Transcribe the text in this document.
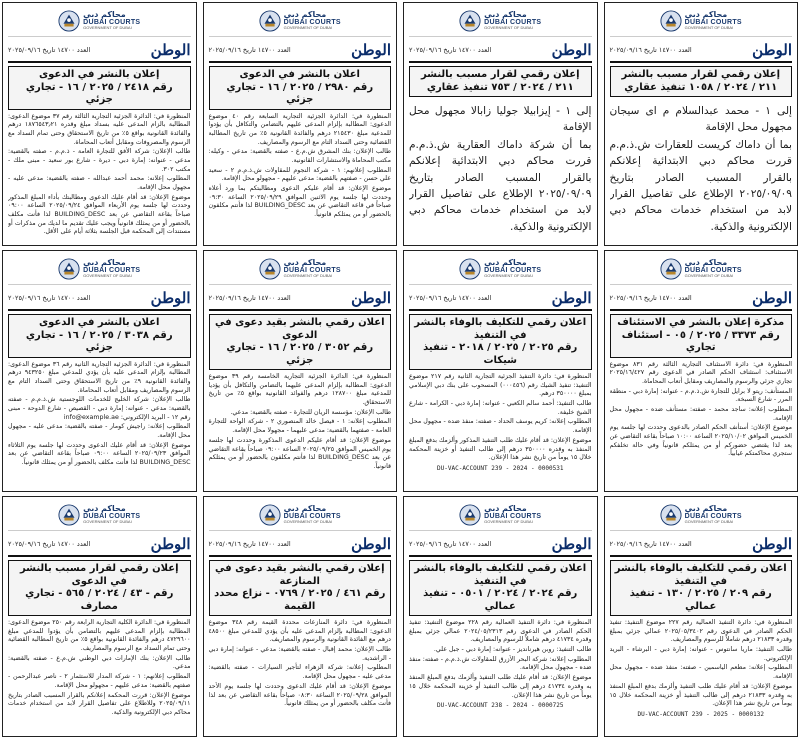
محاكم دبي
DUBAI COURTS
GOVERNMENT OF DUBAI
العدد ١٤٧٠٠ تاريخ ٢٠٢٥/٠٩/١٦	الوطن
إعلان بالنشر في الدعوى
رقم ٢٤١٨ / ٢٠٢٥ / ١٦ - تجاري جزئي

المنظورة في: الدائرة الجزئية التجارية الثالثة رقم ٣٧ موضوع الدعوى: المطالبة بالزام المدعى عليه بسداد مبلغ وقدره ١٨٧٦٥٤٣٫٢١ درهم والفائدة القانونية بواقع ٥٪ من تاريخ الاستحقاق وحتى تمام السداد مع الرسوم والمصروفات ومقابل أتعاب المحاماة.

طالب الإعلان: شركة الأفق للتجارة العامة - ذ.م.م - صفته بالقضية: مدعي - عنوانه: إمارة دبي - ديرة - شارع بور سعيد - مبنى ملك - مكتب ٣٠٢.

المطلوب إعلانه: محمد أحمد عبدالله - صفته بالقضية: مدعى عليه - مجهول محل الإقامة.

موضوع الإعلان: قد أقام عليك الدعوى ومطالبتك بأداء المبلغ المذكور وحددت لها جلسة يوم الأربعاء الموافق ٢٠٢٥/٠٩/٢٤ الساعة ٠٩:٠٠ صباحاً بقاعة التقاضي عن بعد BUILDING_DESC لذا فأنت مكلف بالحضور أو من يمثلك قانونياً ويجب عليك تقديم ما لديك من مذكرات أو مستندات إلى المحكمة قبل الجلسة بثلاثة أيام على الأقل.

محاكم دبي
DUBAI COURTS
GOVERNMENT OF DUBAI
العدد ١٤٧٠٠ تاريخ ٢٠٢٥/٠٩/١٦	الوطن
اعلان بالنشر في الدعوى
رقم ٢٩٨٠ / ٢٠٢٥ / ١٦ - تجاري جزئي

المنظورة في: الدائرة الجزئية التجارية السابعة رقم ٤٠ موضوع الدعوى: المطالبة بإلزام المدعى عليهم بالتضامن والتكافل بأن يؤدوا للمدعية مبلغ ٢١٥٤٣٠ درهم والفائدة القانونية ٥٪ من تاريخ المطالبة القضائية وحتى السداد التام مع الرسوم والمصاريف.

طالب الإعلان: بنك المشرق ش.م.ع - صفته بالقضية: مدعي - وكيله: مكتب المحاماة والاستشارات القانونية.

المطلوب إعلانهم: ١ - شركة النجوم للمقاولات ش.ذ.م.م ٢ - سعيد علي حسن - صفتهم بالقضية: مدعى عليهم - مجهولو محل الإقامة.

موضوع الإعلان: قد أقام عليكم الدعوى ومطالبتكم بما ورد أعلاه وحددت لها جلسة يوم الاثنين الموافق ٢٠٢٥/٠٩/٢٩ الساعة ٠٩:٣٠ صباحاً في قاعة التقاضي عن بعد BUILDING_DESC لذا فأنتم مكلفون بالحضور أو من يمثلكم قانونياً.

محاكم دبي
DUBAI COURTS
GOVERNMENT OF DUBAI
العدد ١٤٧٠٠ تاريخ ٢٠٢٥/٠٩/١٦	الوطن
إعلان رقمي لقرار مسبب بالنشر
٢١١ / ٢٠٢٤ / ٧٥٣ تنفيذ عقاري

إلى ١ - إيزابيلا جوليا زابالا مجهول محل الإقامة

بما أن شركة داماك العقارية ش.ذ.م.م قررت محاكم دبي الابتدائية إعلانكم بالقرار المسبب الصادر بتاريخ ٢٠٢٥/٠٩/٠٩ الإطلاع على تفاصيل القرار لابد من استخدام خدمات محاكم دبي الإلكترونية والذكية.

محاكم دبي
DUBAI COURTS
GOVERNMENT OF DUBAI
العدد ١٤٧٠٠ تاريخ ٢٠٢٥/٠٩/١٦	الوطن
إعلان رقمي لقرار مسبب بالنشر
٢١١ / ٢٠٢٤ / ١٠٥٨ تنفيذ عقاري

إلى ١ - محمد عبدالسلام م اى سيجان مجهول محل الإقامة

بما أن داماك كريست للعقارات ش.ذ.م.م قررت محاكم دبي الابتدائية إعلانكم بالقرار المسبب الصادر بتاريخ ٢٠٢٥/٠٩/٠٩ الإطلاع على تفاصيل القرار لابد من استخدام خدمات محاكم دبي الإلكترونية والذكية.

محاكم دبي
DUBAI COURTS
GOVERNMENT OF DUBAI
العدد ١٤٧٠٠ تاريخ ٢٠٢٥/٠٩/١٦	الوطن
اعلان بالنشر في الدعوى
رقم ٣٠٣٨ / ٢٠٢٥ / ١٦ - تجاري جزئي

المنظورة في: الدائرة الجزئية التجارية الثانية رقم ٣٦ موضوع الدعوى: المطالبة بإلزام المدعى عليه بأن يؤدي للمدعي مبلغ ٩٤٣٢٥٠ درهم والفائدة القانونية ٩٪ من تاريخ الاستحقاق وحتى السداد التام مع الرسوم والمصاريف ومقابل أتعاب المحاماة.

طالب الإعلان: شركة الخليج للخدمات اللوجستية ش.ذ.م.م - صفته بالقضية: مدعي - عنوانه: إمارة دبي - القصيص - شارع الدوحة - مبنى رقم ١٢ - البريد الإلكتروني: info@example.ae

المطلوب إعلانه: راجيش كومار - صفته بالقضية: مدعى عليه - مجهول محل الإقامة.

موضوع الإعلان: قد أقام عليك الدعوى وحددت لها جلسة يوم الثلاثاء الموافق ٢٠٢٥/٠٩/٢٣ الساعة ٠٩:٠٠ صباحاً بقاعة التقاضي عن بعد BUILDING_DESC لذا فأنت مكلف بالحضور أو من يمثلك قانونياً.

محاكم دبي
DUBAI COURTS
GOVERNMENT OF DUBAI
العدد ١٤٧٠٠ تاريخ ٢٠٢٥/٠٩/١٦	الوطن
اعلان رقمي بالنشر بقيد دعوى في الدعوى
رقم ٣٠٥٢ / ٢٠٢٥ / ١٦ - تجاري جزئي

المنظورة في: الدائرة الجزئية التجارية الخامسة رقم ٣٩ موضوع الدعوى: المطالبة بإلزام المدعى عليهما بالتضامن والتكافل بأن يؤديا للمدعية مبلغ ١٢٨٧٠٠ درهم والفوائد القانونية بواقع ٥٪ من تاريخ الاستحقاق.

طالب الإعلان: مؤسسة الريان للتجارة - صفته بالقضية: مدعي.

المطلوب إعلانه: ١ - فيصل خالد المنصوري ٢ - شركة الواحة للتجارة العامة - صفتهما بالقضية: مدعى عليهما - مجهولا محل الإقامة.

موضوع الإعلان: قد أقام عليكم الدعوى المذكورة وحددت لها جلسة يوم الخميس الموافق ٢٠٢٥/٠٩/٢٥ الساعة ٠٩:٠٠ صباحاً بقاعة التقاضي عن بعد BUILDING_DESC لذا فأنتم مكلفون بالحضور أو من يمثلكم قانونياً.

محاكم دبي
DUBAI COURTS
GOVERNMENT OF DUBAI
العدد ١٤٧٠٠ تاريخ ٢٠٢٥/٠٩/١٦	الوطن
اعلان رقمي للتكليف بالوفاء بالنشر في التنفيذ
رقم ٢٠٢٥ / ٢٠٢٥ / ٢٠١٨ - تنفيذ شيكات

المنظورة في: دائرة التنفيذ الجزئية التجارية الثانية رقم ٢١٧ موضوع التنفيذ: تنفيذ الشيك رقم (٠٠٠٤٥٦) المسحوب على بنك دبي الإسلامي بمبلغ ٣٥٠٠٠٠ درهم.

طالب التنفيذ: أحمد سالم الكعبي - عنوانه: إمارة دبي - الكرامة - شارع الشيخ خليفة.

المطلوب إعلانه: كريم يوسف الحداد - صفته: منفذ ضده - مجهول محل الإقامة.

موضوع الإعلان: قد أقام عليك طلب التنفيذ المذكور وألزمك بدفع المبلغ المنفذ به وقدره ٣٥٠٠٠٠ درهم إلى طالب التنفيذ أو خزينة المحكمة خلال ١٥ يوماً من تاريخ نشر هذا الإعلان.

DU-VAC-ACCOUNT 239 - 2024 - 0000531
محاكم دبي
DUBAI COURTS
GOVERNMENT OF DUBAI
العدد ١٤٧٠٠ تاريخ ٢٠٢٥/٠٩/١٦	الوطن
مذكرة إعلان بالنشر في الاستئناف
رقم ٣٣٧٣ / ٢٠٢٥ / ٠٥ - استئناف تجاري

المنظورة في: دائرة الاستئناف التجارية الثالثة رقم ٨٣١ موضوع الاستئناف: استئناف الحكم الصادر في الدعوى رقم ٢٠٢٥/١٦/٤٢٧ تجاري جزئي والرسوم والمصاريف ومقابل أتعاب المحاماة.

المستأنف: ريتو لا برايل للتجارة ش.ذ.م.م - عنوانه: إمارة دبي - منطقة المرر - شارع السبخة.

المطلوب إعلانه: ساجد محمد - صفته: مستأنف ضده - مجهول محل الإقامة.

موضوع الإعلان: أستأنف الحكم الصادر بالدعوى وحددت لها جلسة يوم الخميس الموافق ٢٠٢٥/١٠/٠٢ الساعة ١٠:٠٠ صباحاً بقاعة التقاضي عن بعد لذا يقتضي حضوركم أو من يمثلكم قانونياً وفي حالة تخلفكم ستجري محاكمتكم غيابياً.

محاكم دبي
DUBAI COURTS
GOVERNMENT OF DUBAI
العدد ١٤٧٠٠ تاريخ ٢٠٢٥/٠٩/١٦	الوطن
إعلان رقمي لقرار مسبب بالنشر في الدعوى
رقم - ٤٣ / ٢٠٢٤ / ٥٦٥ - تجاري مصارف

المنظورة في: الدائرة الكلية التجارية الرابعة رقم ٢٥٠ موضوع الدعوى: المطالبة بإلزام المدعى عليهم بالتضامن بأن يؤدوا للمدعي مبلغ ٤٧٢٩٦٠٠ درهم والفائدة القانونية بواقع ٥٪ من تاريخ المطالبة القضائية وحتى تمام السداد مع الرسوم والمصاريف.

طالب الإعلان: بنك الإمارات دبي الوطني ش.م.ع - صفته بالقضية: مدعي.

المطلوب إعلانهم: ١ - شركة المدار للاستثمار ٢ - ناصر عبدالرحمن - صفتهم بالقضية: مدعى عليهم - مجهولو محل الإقامة.

موضوع الإعلان: قررت المحكمة إعلانكم بالقرار المسبب الصادر بتاريخ ٢٠٢٥/٠٩/١١ وللاطلاع على تفاصيل القرار لابد من استخدام خدمات محاكم دبي الإلكترونية والذكية.

محاكم دبي
DUBAI COURTS
GOVERNMENT OF DUBAI
العدد ١٤٧٠٠ تاريخ ٢٠٢٥/٠٩/١٦	الوطن
إعلان رقمي بالنشر بقيد دعوى في المنازعة
رقم ٤٦١ / ٢٠٢٥ / ٠٧٦٩ - نزاع محدد القيمة

المنظورة في: دائرة المنازعات محددة القيمة رقم ٣٤٨ موضوع الدعوى: المطالبة بإلزام المدعى عليه بأن يؤدي للمدعي مبلغ ٤٨٥٠٠ درهم مع الفائدة القانونية والرسوم والمصاريف.

طالب الإعلان: محمد إقبال - صفته بالقضية: مدعي - عنوانه: إمارة دبي - الراشدية.

المطلوب إعلانه: شركة الزهراء لتأجير السيارات - صفته بالقضية: مدعى عليه - مجهول محل الإقامة.

موضوع الإعلان: قد أقام عليك الدعوى وحددت لها جلسة يوم الأحد الموافق ٢٠٢٥/٠٩/٢٨ الساعة ٠٨:٣٠ صباحاً بقاعة التقاضي عن بعد لذا فأنت مكلف بالحضور أو من يمثلك قانونياً.

محاكم دبي
DUBAI COURTS
GOVERNMENT OF DUBAI
العدد ١٤٧٠٠ تاريخ ٢٠٢٥/٠٩/١٦	الوطن
اعلان رقمي للتكليف بالوفاء بالنشر في التنفيذ
رقم ٢٠٢٤ / ٢٠٢٤ / ٠٥٠١ - تنفيذ عمالي

المنظورة في: دائرة التنفيذ العمالية رقم ٢٢٨ موضوع التنفيذ: تنفيذ الحكم الصادر في الدعوى رقم ٢٠٢٤/٠٥/٢٣١٣ عمالي جزئي بمبلغ وقدره ٤١٧٣٤ درهم شاملاً للرسوم والمصاريف.

طالب التنفيذ: روبن هيرنانديز - عنوانه: إمارة دبي - جبل علي.

المطلوب إعلانه: شركة البحر الأزرق للمقاولات ش.ذ.م.م - صفته: منفذ ضده - مجهول محل الإقامة.

موضوع الإعلان: قد أقام عليك طلب التنفيذ وألزمك بدفع المبلغ المنفذ به وقدره ٤١٧٣٤ درهم إلى طالب التنفيذ أو خزينة المحكمة خلال ١٥ يوماً من تاريخ نشر هذا الإعلان.

DU-VAC-ACCOUNT 238 - 2024 - 0000725
محاكم دبي
DUBAI COURTS
GOVERNMENT OF DUBAI
العدد ١٤٧٠٠ تاريخ ٢٠٢٥/٠٩/١٦	الوطن
اعلان رقمي للتكليف بالوفاء بالنشر في التنفيذ
رقم ٢٠٩ / ٢٠٢٥ / ١٣٠ - تنفيذ عمالي

المنظورة في: دائرة التنفيذ العمالية رقم ٢٢٧ موضوع التنفيذ: تنفيذ الحكم الصادر في الدعوى رقم ٢٠٢٥/٠٥/٣٤٠٢ عمالي جزئي بمبلغ وقدره ٢١٨٣٣ درهم شاملاً للرسوم والمصاريف.

طالب التنفيذ: ماريا سانتوس - عنوانه: إمارة دبي - البرشاء - البريد الإلكتروني.

المطلوب إعلانه: مطعم الياسمين - صفته: منفذ ضده - مجهول محل الإقامة.

موضوع الإعلان: قد أقام عليك طلب التنفيذ وألزمك بدفع المبلغ المنفذ به وقدره ٢١٨٣٣ درهم إلى طالب التنفيذ أو خزينة المحكمة خلال ١٥ يوماً من تاريخ نشر هذا الإعلان.

DU-VAC-ACCOUNT 239 - 2025 - 0000132
